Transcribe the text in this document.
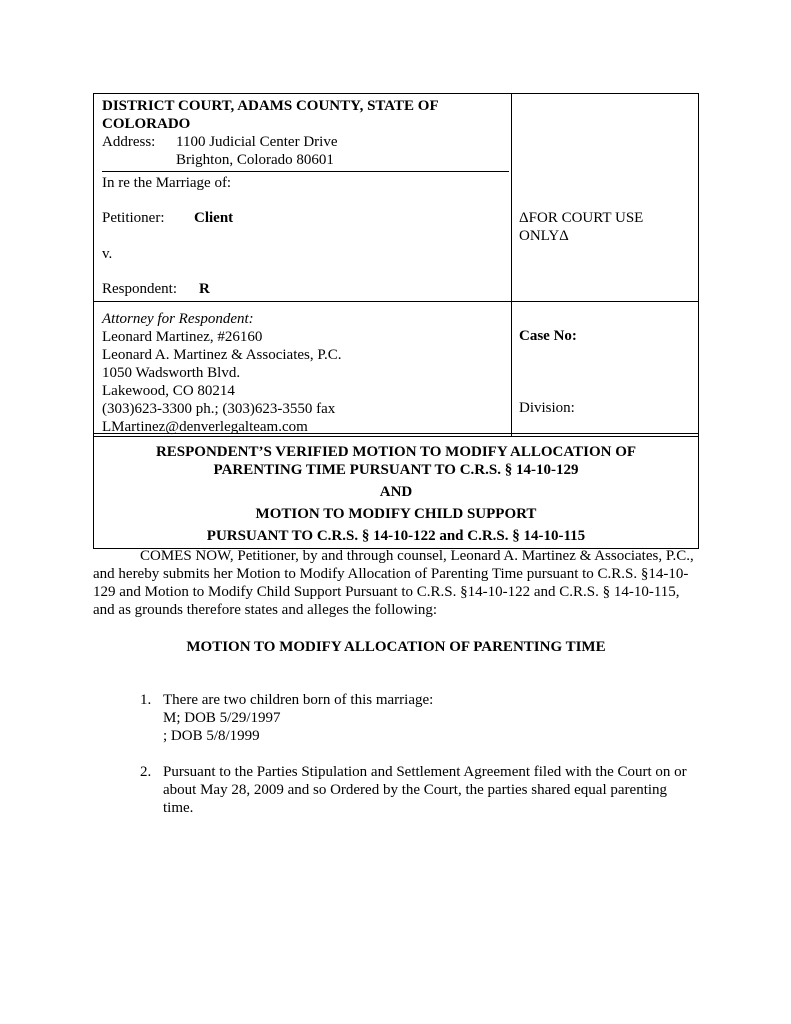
DISTRICT COURT, ADAMS COUNTY, STATE OF
COLORADO
Address:	1100 Judicial Center Drive
Brighton, Colorado 80601
In re the Marriage of:
Petitioner:	Client
v.
Respondent:	R
ΔFOR COURT USE
ONLYΔ
Attorney for Respondent:
Leonard Martinez, #26160
Leonard A. Martinez & Associates, P.C.
1050 Wadsworth Blvd.
Lakewood, CO 80214
(303)623-3300 ph.; (303)623-3550 fax
LMartinez@denverlegalteam.com
Case No:
Division:
RESPONDENT’S VERIFIED MOTION TO MODIFY ALLOCATION OF
PARENTING TIME PURSUANT TO C.R.S. § 14-10-129
AND
MOTION TO MODIFY CHILD SUPPORT
PURSUANT TO C.R.S. § 14-10-122 and C.R.S. § 14-10-115
COMES NOW, Petitioner, by and through counsel, Leonard A. Martinez & Associates, P.C., and hereby submits her Motion to Modify Allocation of Parenting Time pursuant to C.R.S. §14-10-129 and Motion to Modify Child Support Pursuant to C.R.S. §14-10-122 and C.R.S. § 14-10-115, and as grounds therefore states and alleges the following:
MOTION TO MODIFY ALLOCATION OF PARENTING TIME
1. There are two children born of this marriage:
M; DOB 5/29/1997
; DOB 5/8/1999
2. Pursuant to the Parties Stipulation and Settlement Agreement filed with the Court on or about May 28, 2009 and so Ordered by the Court, the parties shared equal parenting time.
